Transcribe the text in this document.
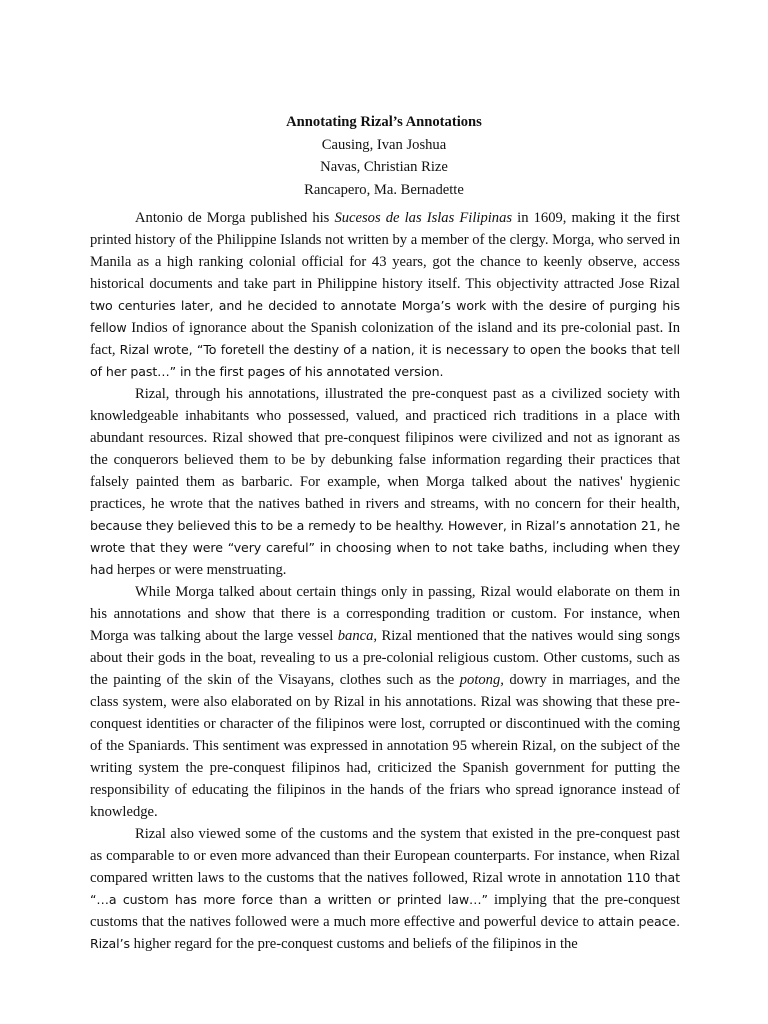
Annotating Rizal’s Annotations
Causing, Ivan Joshua
Navas, Christian Rize
Rancapero, Ma. Bernadette

Antonio de Morga published his Sucesos de las Islas Filipinas in 1609, making it the first printed history of the Philippine Islands not written by a member of the clergy. Morga, who served in Manila as a high ranking colonial official for 43 years, got the chance to keenly observe, access historical documents and take part in Philippine history itself. This objectivity attracted Jose Rizal two centuries later, and he decided to annotate Morga’s work with the desire of purging his fellow Indios of ignorance about the Spanish colonization of the island and its pre-colonial past. In fact, Rizal wrote, “To foretell the destiny of a nation, it is necessary to open the books that tell of her past…” in the first pages of his annotated version.

Rizal, through his annotations, illustrated the pre-conquest past as a civilized society with knowledgeable inhabitants who possessed, valued, and practiced rich traditions in a place with abundant resources. Rizal showed that pre-conquest filipinos were civilized and not as ignorant as the conquerors believed them to be by debunking false information regarding their practices that falsely painted them as barbaric. For example, when Morga talked about the natives' hygienic practices, he wrote that the natives bathed in rivers and streams, with no concern for their health, because they believed this to be a remedy to be healthy. However, in Rizal’s annotation 21, he wrote that they were “very careful” in choosing when to not take baths, including when they had herpes or were menstruating.

While Morga talked about certain things only in passing, Rizal would elaborate on them in his annotations and show that there is a corresponding tradition or custom. For instance, when Morga was talking about the large vessel banca, Rizal mentioned that the natives would sing songs about their gods in the boat, revealing to us a pre-colonial religious custom. Other customs, such as the painting of the skin of the Visayans, clothes such as the potong, dowry in marriages, and the class system, were also elaborated on by Rizal in his annotations. Rizal was showing that these pre-conquest identities or character of the filipinos were lost, corrupted or discontinued with the coming of the Spaniards. This sentiment was expressed in annotation 95 wherein Rizal, on the subject of the writing system the pre-conquest filipinos had, criticized the Spanish government for putting the responsibility of educating the filipinos in the hands of the friars who spread ignorance instead of knowledge.

Rizal also viewed some of the customs and the system that existed in the pre-conquest past as comparable to or even more advanced than their European counterparts. For instance, when Rizal compared written laws to the customs that the natives followed, Rizal wrote in annotation 110 that “…a custom has more force than a written or printed law…” implying that the pre-conquest customs that the natives followed were a much more effective and powerful device to attain peace. Rizal’s higher regard for the pre-conquest customs and beliefs of the filipinos in the
